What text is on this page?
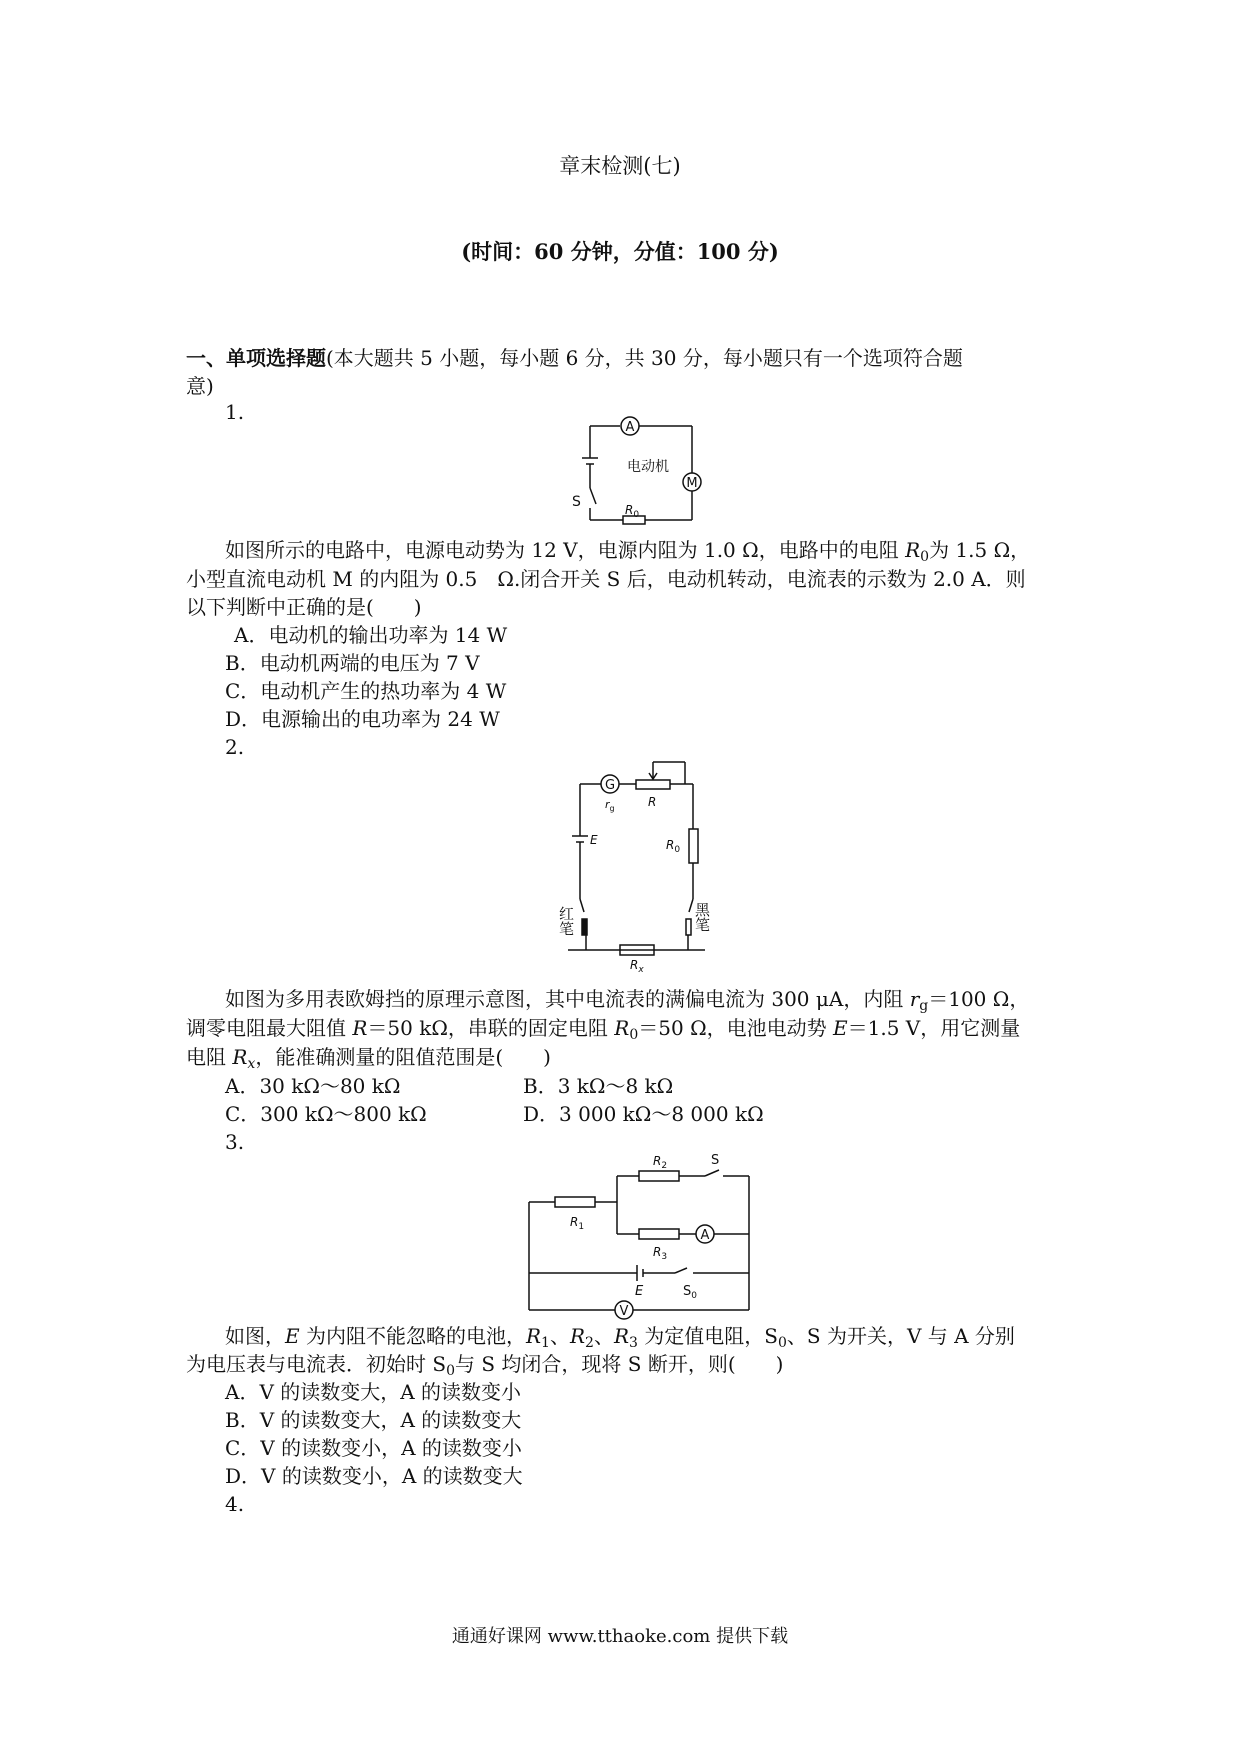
章末检测(七)
(时间：60 分钟，分值：100 分)
一、单项选择题(本大题共 5 小题，每小题 6 分，共 30 分，每小题只有一个选项符合题
意)
1.
A
电动机
M
S	$R_0$
如图所示的电路中，电源电动势为 12 V，电源内阻为 1.0 Ω，电路中的电阻 $R_0$为 1.5 Ω，
小型直流电动机 M 的内阻为 0.5　Ω.闭合开关 S 后，电动机转动，电流表的示数为 2.0 A．则
以下判断中正确的是(　　)
A．电动机的输出功率为 14 W
B．电动机两端的电压为 7 V
C．电动机产生的热功率为 4 W
D．电源输出的电功率为 24 W
2.
G
$r_g$	R
E	$R_0$
红笔	黑笔
$R_x$
如图为多用表欧姆挡的原理示意图，其中电流表的满偏电流为 300 μA，内阻 $r_g=100$ Ω，
调零电阻最大阻值 R＝50 kΩ，串联的固定电阻 $R_0=50$ Ω，电池电动势 E＝1.5 V，用它测量
电阻 $R_x$，能准确测量的阻值范围是(　　)
A．30 kΩ～80 kΩ	B．3 kΩ～8 kΩ
C．300 kΩ～800 kΩ	D．3 000 kΩ～8 000 kΩ
3.
$R_1$
$R_2$	S
$R_3$
A
E	$S_0$
V
如图，E 为内阻不能忽略的电池，$R_1$、$R_2$、$R_3$ 为定值电阻，$S_0$、S 为开关，V 与 A 分别
为电压表与电流表．初始时 $S_0$与 S 均闭合，现将 S 断开，则(　　)
A．V 的读数变大，A 的读数变小
B．V 的读数变大，A 的读数变大
C．V 的读数变小，A 的读数变小
D．V 的读数变小，A 的读数变大
4.
通通好课网 www.tthaoke.com 提供下载
